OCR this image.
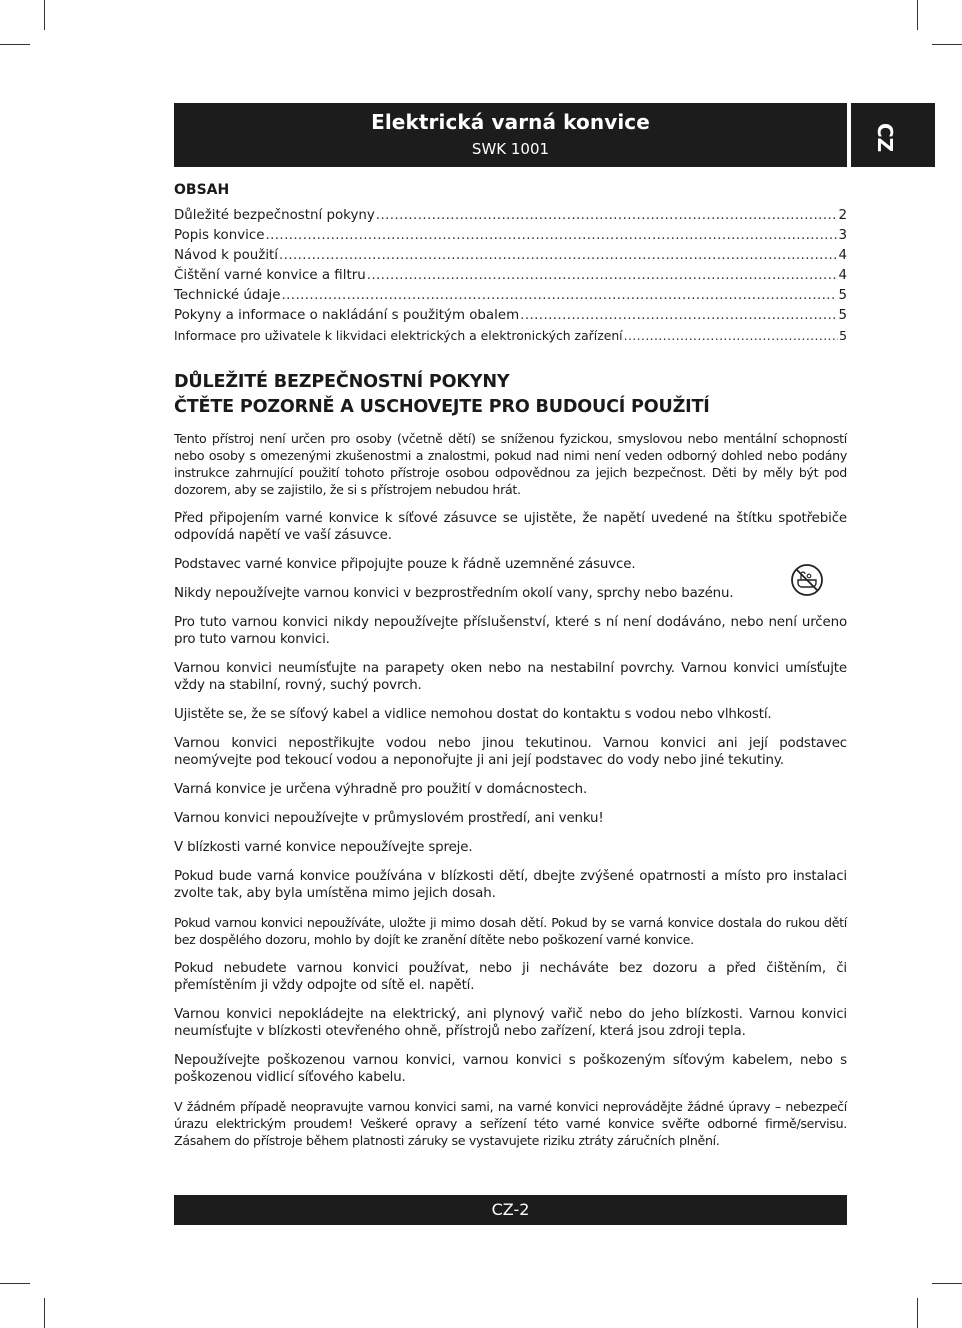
Elektrická varná konvice
SWK 1001	CZ
OBSAH
Důležité bezpečnostní pokyny .....	2
Popis konvice .....	3
Návod k použití .....	4
Čištění varné konvice a filtru .....	4
Technické údaje .....	5
Pokyny a informace o nakládání s použitým obalem .....	5
Informace pro uživatele k likvidaci elektrických a elektronických zařízení .....	5
DŮLEŽITÉ BEZPEČNOSTNÍ POKYNY
ČTĚTE POZORNĚ A USCHOVEJTE PRO BUDOUCÍ POUŽITÍ

Tento přístroj není určen pro osoby (včetně dětí) se sníženou fyzickou, smyslovou nebo mentální schopností nebo osoby s omezenými zkušenostmi a znalostmi, pokud nad nimi není veden odborný dohled nebo podány instrukce zahrnující použití tohoto přístroje osobou odpovědnou za jejich bezpečnost. Děti by měly být pod dozorem, aby se zajistilo, že si s přístrojem nebudou hrát.

Před připojením varné konvice k síťové zásuvce se ujistěte, že napětí uvedené na štítku spotřebiče odpovídá napětí ve vaší zásuvce.

Podstavec varné konvice připojujte pouze k řádně uzemněné zásuvce.

Nikdy nepoužívejte varnou konvici v bezprostředním okolí vany, sprchy nebo bazénu.

Pro tuto varnou konvici nikdy nepoužívejte příslušenství, které s ní není dodáváno, nebo není určeno pro tuto varnou konvici.

Varnou konvici neumísťujte na parapety oken nebo na nestabilní povrchy. Varnou konvici umísťujte vždy na stabilní, rovný, suchý povrch.

Ujistěte se, že se síťový kabel a vidlice nemohou dostat do kontaktu s vodou nebo vlhkostí.

Varnou konvici nepostřikujte vodou nebo jinou tekutinou. Varnou konvici ani její podstavec neomývejte pod tekoucí vodou a neponořujte ji ani její podstavec do vody nebo jiné tekutiny.

Varná konvice je určena výhradně pro použití v domácnostech.

Varnou konvici nepoužívejte v průmyslovém prostředí, ani venku!

V blízkosti varné konvice nepoužívejte spreje.

Pokud bude varná konvice používána v blízkosti dětí, dbejte zvýšené opatrnosti a místo pro instalaci zvolte tak, aby byla umístěna mimo jejich dosah.

Pokud varnou konvici nepoužíváte, uložte ji mimo dosah dětí. Pokud by se varná konvice dostala do rukou dětí bez dospělého dozoru, mohlo by dojít ke zranění dítěte nebo poškození varné konvice.

Pokud nebudete varnou konvici používat, nebo ji necháváte bez dozoru a před čištěním, či přemístěním ji vždy odpojte od sítě el. napětí.

Varnou konvici nepokládejte na elektrický, ani plynový vařič nebo do jeho blízkosti. Varnou konvici neumísťujte v blízkosti otevřeného ohně, přístrojů nebo zařízení, která jsou zdroji tepla.

Nepoužívejte poškozenou varnou konvici, varnou konvici s poškozeným síťovým kabelem, nebo s poškozenou vidlicí síťového kabelu.

V žádném případě neopravujte varnou konvici sami, na varné konvici neprovádějte žádné úpravy – nebezpečí úrazu elektrickým proudem! Veškeré opravy a seřízení této varné konvice svěřte odborné firmě/servisu. Zásahem do přístroje během platnosti záruky se vystavujete riziku ztráty záručních plnění.

CZ-2
